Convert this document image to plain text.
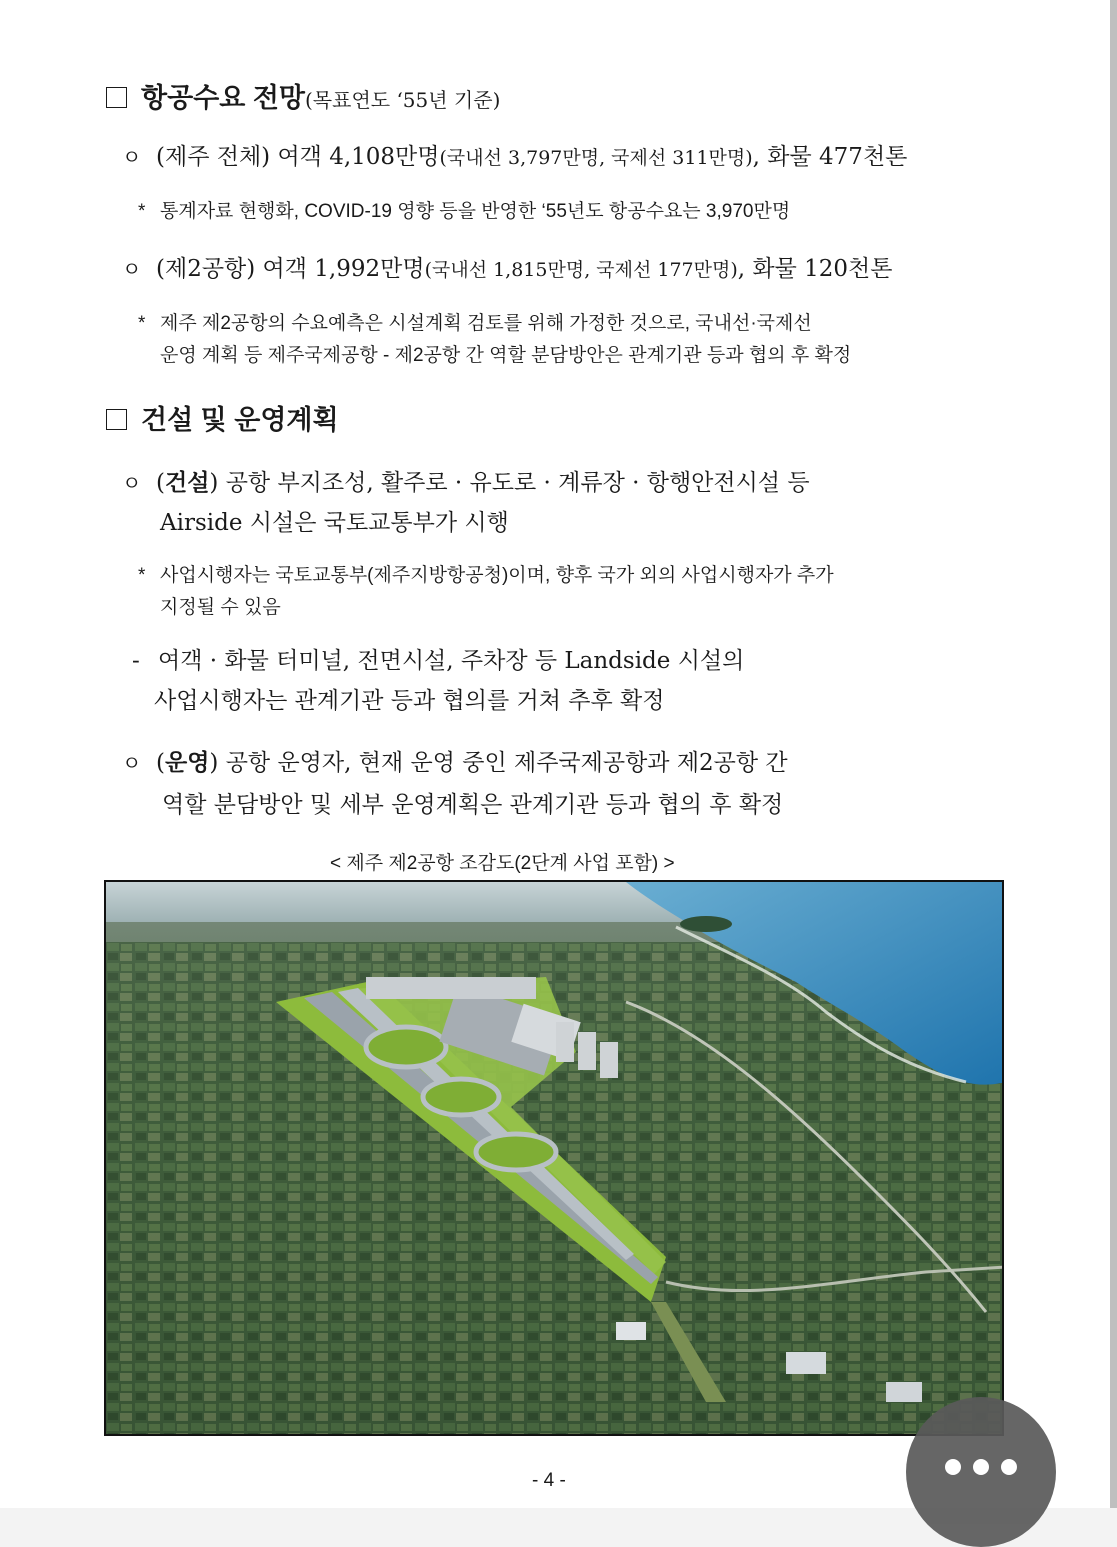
항공수요 전망(목표연도 ‘55년 기준)
ㅇ (제주 전체) 여객 4,108만명(국내선 3,797만명, 국제선 311만명), 화물 477천톤
* 통계자료 현행화, COVID-19 영향 등을 반영한 ‘55년도 항공수요는 3,970만명
ㅇ (제2공항) 여객 1,992만명(국내선 1,815만명, 국제선 177만명), 화물 120천톤
* 제주 제2공항의 수요예측은 시설계획 검토를 위해 가정한 것으로, 국내선·국제선
운영 계획 등 제주국제공항 - 제2공항 간 역할 분담방안은 관계기관 등과 협의 후 확정
건설 및 운영계획
ㅇ (건설) 공항 부지조성, 활주로 · 유도로 · 계류장 · 항행안전시설 등
Airside 시설은 국토교통부가 시행
* 사업시행자는 국토교통부(제주지방항공청)이며, 향후 국가 외의 사업시행자가 추가
지정될 수 있음
- 여객 · 화물 터미널, 전면시설, 주차장 등 Landside 시설의
사업시행자는 관계기관 등과 협의를 거쳐 추후 확정
ㅇ (운영) 공항 운영자, 현재 운영 중인 제주국제공항과 제2공항 간
역할 분담방안 및 세부 운영계획은 관계기관 등과 협의 후 확정
< 제주 제2공항 조감도(2단계 사업 포함) >
- 4 -
